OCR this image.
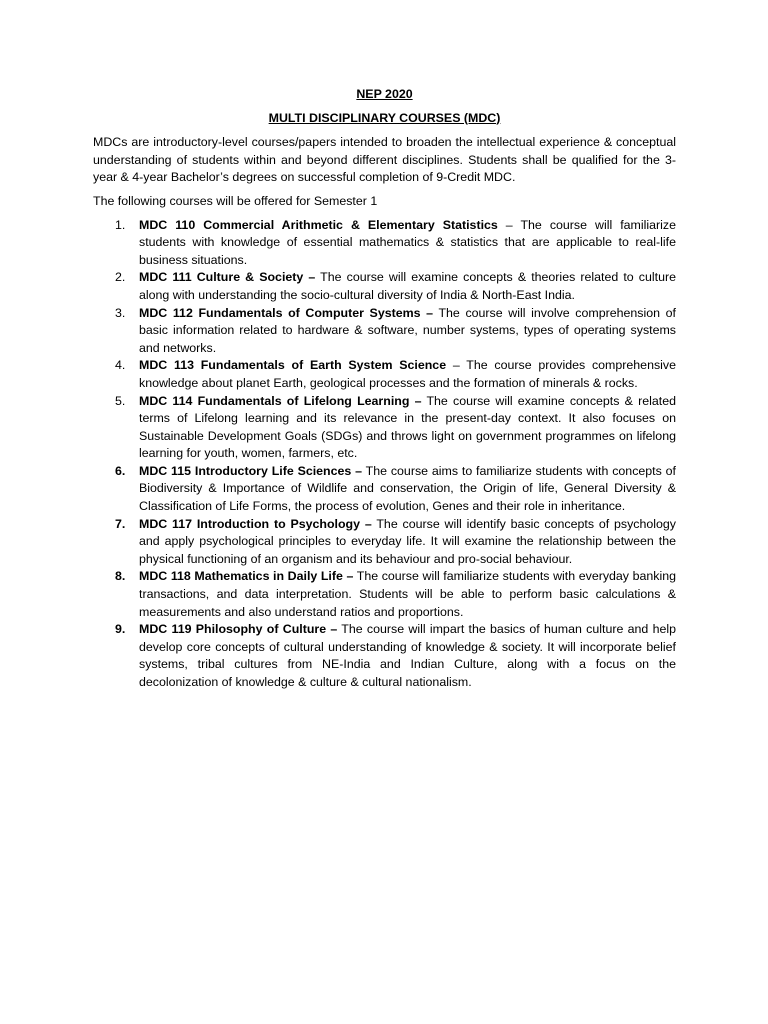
NEP 2020

MULTI DISCIPLINARY COURSES (MDC)

MDCs are introductory-level courses/papers intended to broaden the intellectual experience & conceptual understanding of students within and beyond different disciplines. Students shall be qualified for the 3-year & 4-year Bachelor’s degrees on successful completion of 9-Credit MDC.

The following courses will be offered for Semester 1

1. MDC 110 Commercial Arithmetic & Elementary Statistics – The course will familiarize students with knowledge of essential mathematics & statistics that are applicable to real-life business situations.
2. MDC 111 Culture & Society – The course will examine concepts & theories related to culture along with understanding the socio-cultural diversity of India & North-East India.
3. MDC 112 Fundamentals of Computer Systems – The course will involve comprehension of basic information related to hardware & software, number systems, types of operating systems and networks.
4. MDC 113 Fundamentals of Earth System Science – The course provides comprehensive knowledge about planet Earth, geological processes and the formation of minerals & rocks.
5. MDC 114 Fundamentals of Lifelong Learning – The course will examine concepts & related terms of Lifelong learning and its relevance in the present-day context. It also focuses on Sustainable Development Goals (SDGs) and throws light on government programmes on lifelong learning for youth, women, farmers, etc.
6. MDC 115 Introductory Life Sciences – The course aims to familiarize students with concepts of Biodiversity & Importance of Wildlife and conservation, the Origin of life, General Diversity & Classification of Life Forms, the process of evolution, Genes and their role in inheritance.
7. MDC 117 Introduction to Psychology – The course will identify basic concepts of psychology and apply psychological principles to everyday life. It will examine the relationship between the physical functioning of an organism and its behaviour and pro-social behaviour.
8. MDC 118 Mathematics in Daily Life – The course will familiarize students with everyday banking transactions, and data interpretation. Students will be able to perform basic calculations & measurements and also understand ratios and proportions.
9. MDC 119 Philosophy of Culture – The course will impart the basics of human culture and help develop core concepts of cultural understanding of knowledge & society. It will incorporate belief systems, tribal cultures from NE-India and Indian Culture, along with a focus on the decolonization of knowledge & culture & cultural nationalism.
